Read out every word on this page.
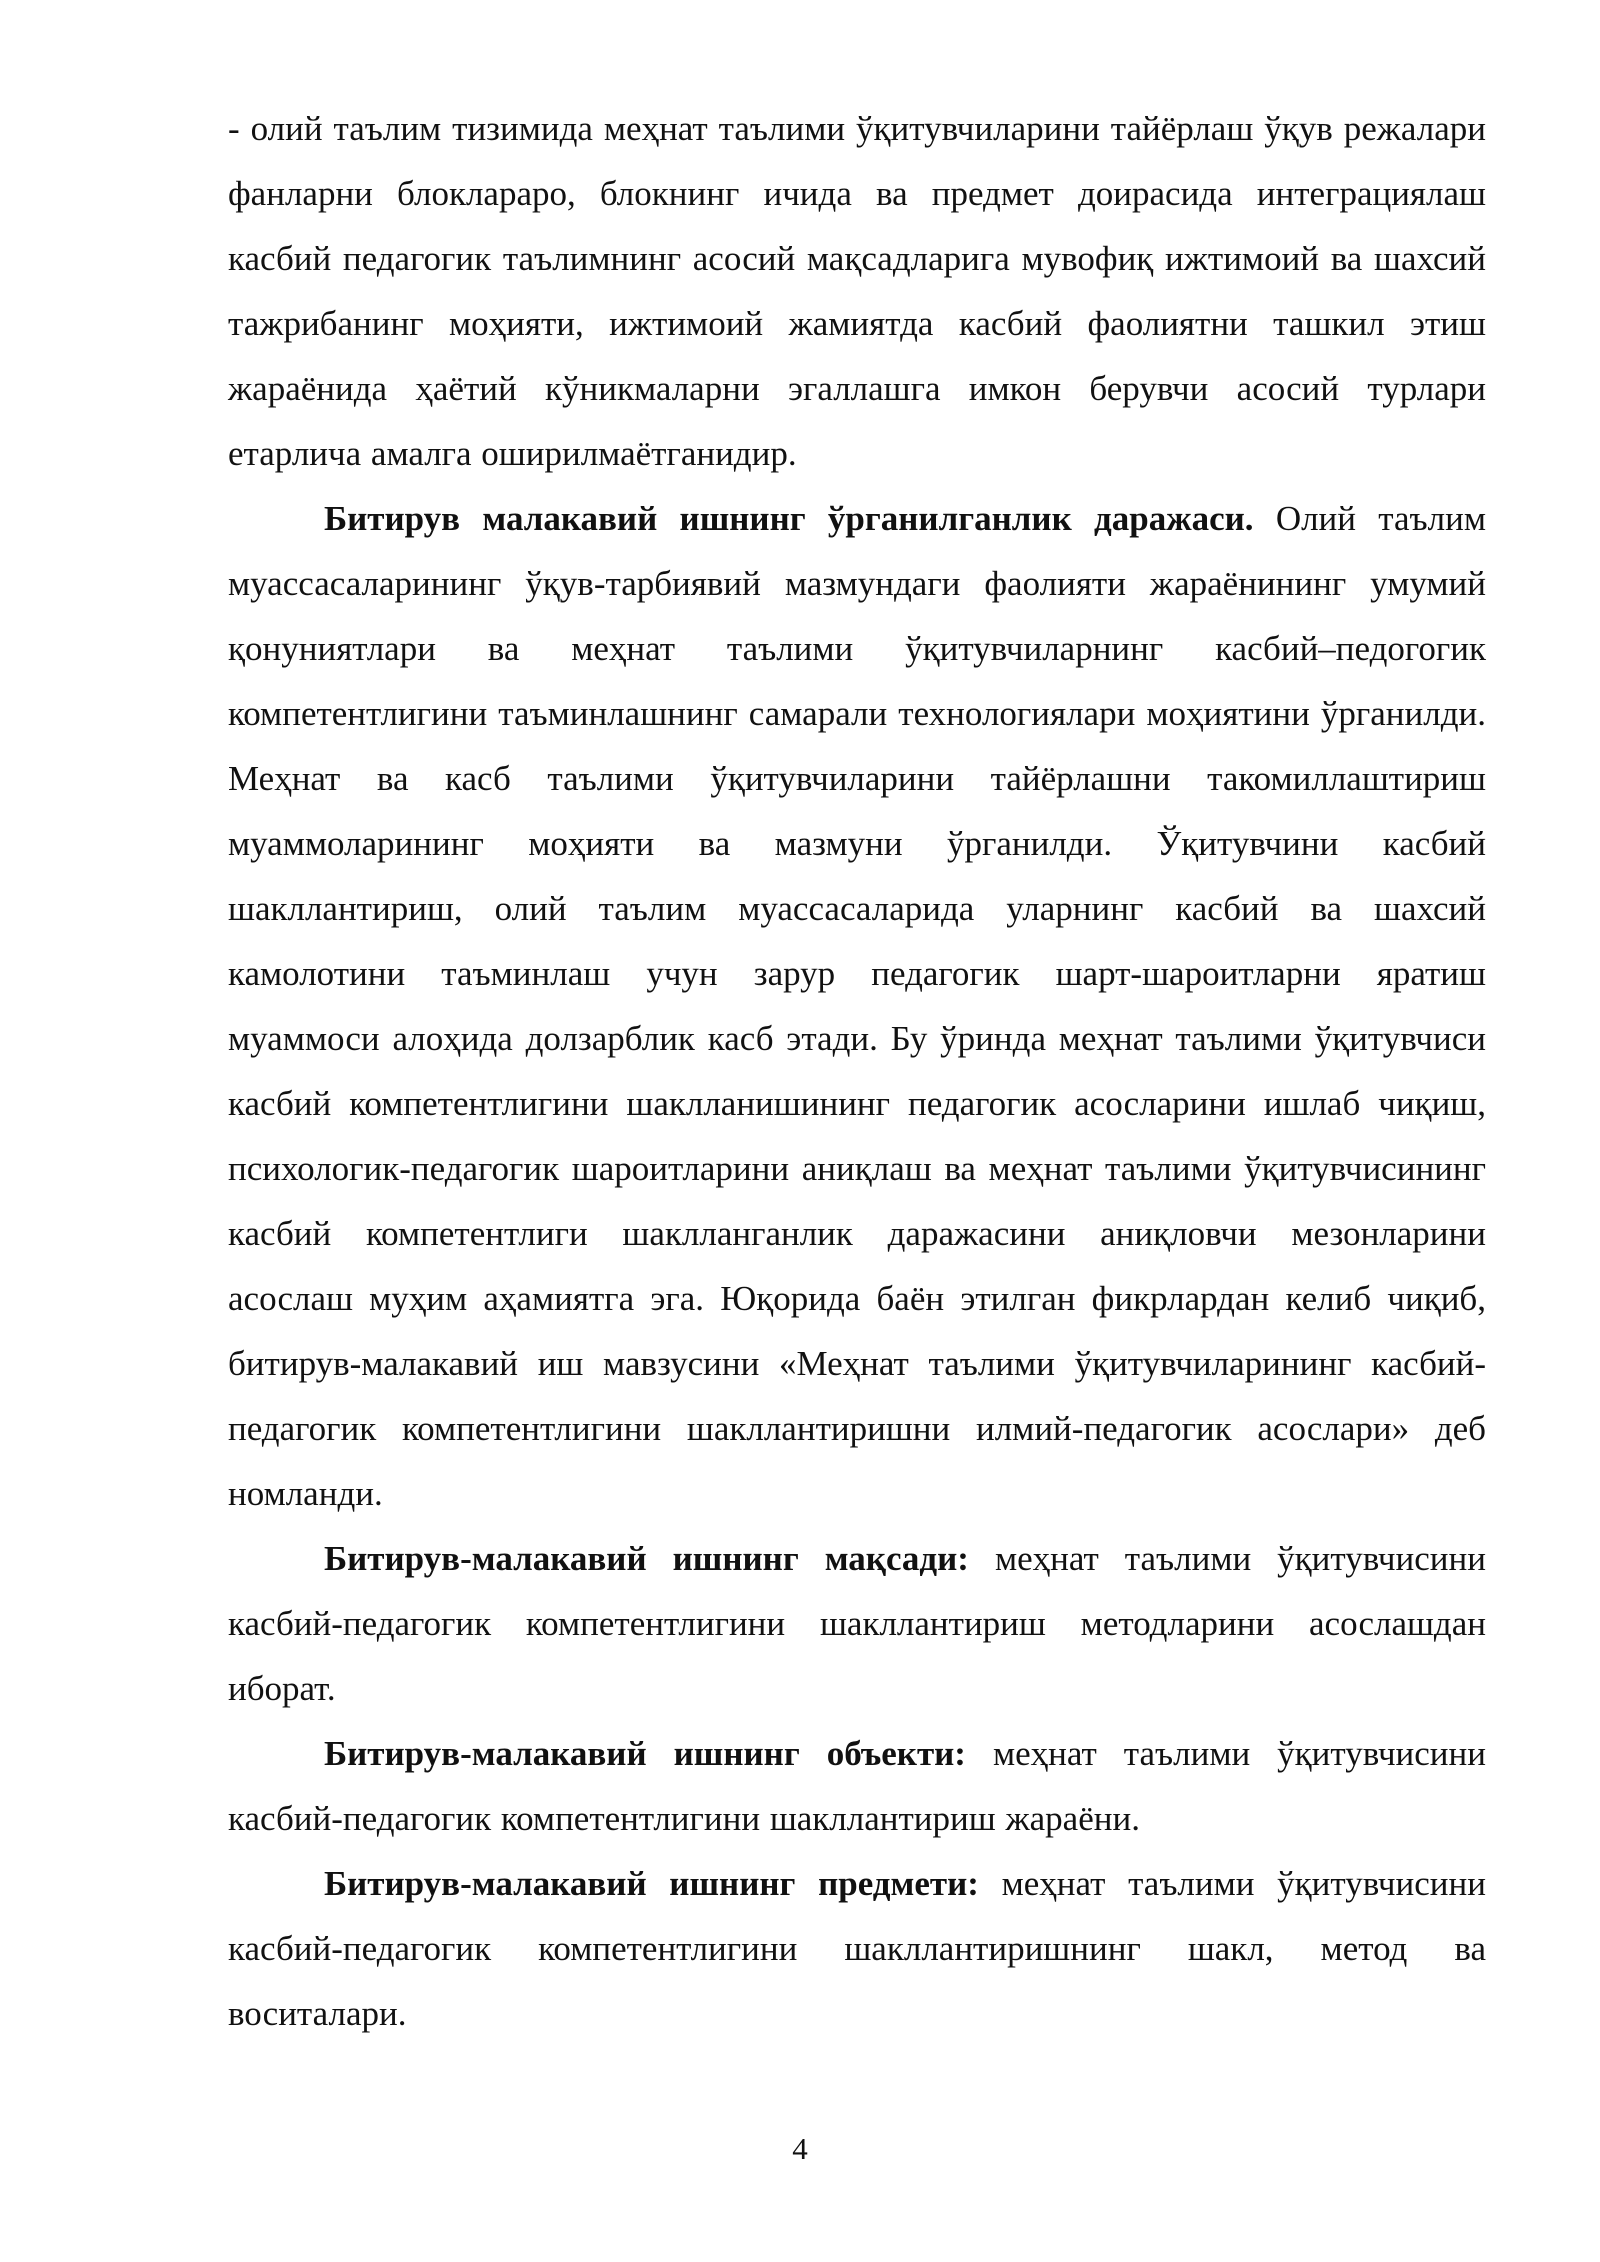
- олий таълим тизимида меҳнат таълими ўқитувчиларини тайёрлаш ўқув режалари фанларни блоклараро, блокнинг ичида ва предмет доирасида интеграциялаш касбий педагогик таълимнинг асосий мақсадларига мувофиқ ижтимоий ва шахсий тажрибанинг моҳияти, ижтимоий жамиятда касбий фаолиятни ташкил этиш жараёнида ҳаётий кўникмаларни эгаллашга имкон берувчи асосий турлари етарлича амалга оширилмаётганидир.

Битирув малакавий ишнинг ўрганилганлик даражаси. Олий таълим муассасаларининг ўқув-тарбиявий мазмундаги фаолияти жараёнининг умумий қонуниятлари ва меҳнат таълими ўқитувчиларнинг касбий–педогогик компетентлигини таъминлашнинг самарали технологиялари моҳиятини ўрганилди. Меҳнат ва касб таълими ўқитувчиларини тайёрлашни такомиллаштириш муаммоларининг моҳияти ва мазмуни ўрганилди. Ўқитувчини касбий шакллантириш, олий таълим муассасаларида уларнинг касбий ва шахсий камолотини таъминлаш учун зарур педагогик шарт-шароитларни яратиш муаммоси алоҳида долзарблик касб этади. Бу ўринда меҳнат таълими ўқитувчиси касбий компетентлигини шаклланишининг педагогик асосларини ишлаб чиқиш, психологик-педагогик шароитларини аниқлаш ва меҳнат таълими ўқитувчисининг касбий компетентлиги шаклланганлик даражасини аниқловчи мезонларини асослаш муҳим аҳамиятга эга. Юқорида баён этилган фикрлардан келиб чиқиб, битирув-малакавий иш мавзусини «Меҳнат таълими ўқитувчиларининг касбий-педагогик компетентлигини шакллантиришни илмий-педагогик асослари» деб номланди.

Битирув-малакавий ишнинг мақсади: меҳнат таълими ўқитувчисини касбий-педагогик компетентлигини шакллантириш методларини асослашдан иборат.

Битирув-малакавий ишнинг объекти: меҳнат таълими ўқитувчисини касбий-педагогик компетентлигини шакллантириш жараёни.

Битирув-малакавий ишнинг предмети: меҳнат таълими ўқитувчисини касбий-педагогик компетентлигини шакллантиришнинг шакл, метод ва воситалари.

4
